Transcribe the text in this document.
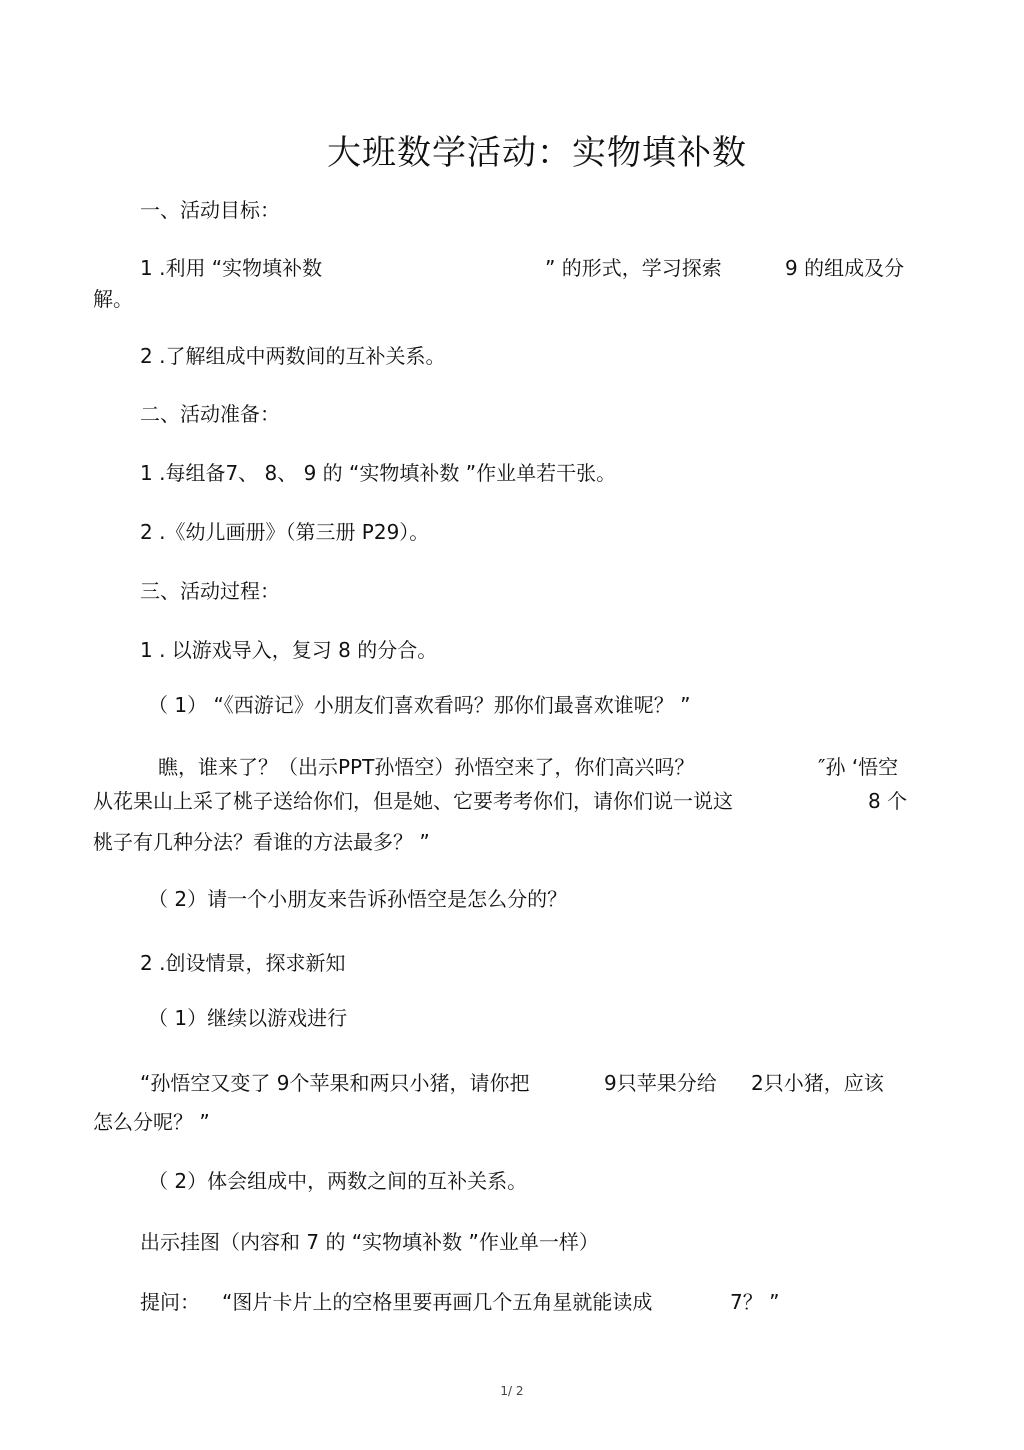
大班数学活动：实物填补数
一、活动目标：
1 .利用 “实物填补数	” 的形式，学习探索	9 的组成及分
解。
2 .了解组成中两数间的互补关系。
二、活动准备：
1 .每组备7、 8、 9 的 “实物填补数 ”作业单若干张。
2 .《幼儿画册》（第三册 P29）。
三、活动过程：
1 . 以游戏导入，复习 8 的分合。
（ 1） “《西游记》小朋友们喜欢看吗？那你们最喜欢谁呢？ ”
瞧，谁来了？（出示PPT孙悟空）孙悟空来了，你们高兴吗？	″孙 ‘悟空
从花果山上采了桃子送给你们，但是她、它要考考你们，请你们说一说这	8 个
桃子有几种分法？看谁的方法最多？ ”
（ 2）请一个小朋友来告诉孙悟空是怎么分的？
2 .创设情景，探求新知
（ 1）继续以游戏进行
“孙悟空又变了 9个苹果和两只小猪，请你把	9只苹果分给 2只小猪，应该
怎么分呢？ ”
（ 2）体会组成中，两数之间的互补关系。
出示挂图（内容和 7 的 “实物填补数 ”作业单一样）
提问： “图片卡片上的空格里要再画几个五角星就能读成	7？ ”
1/ 2
